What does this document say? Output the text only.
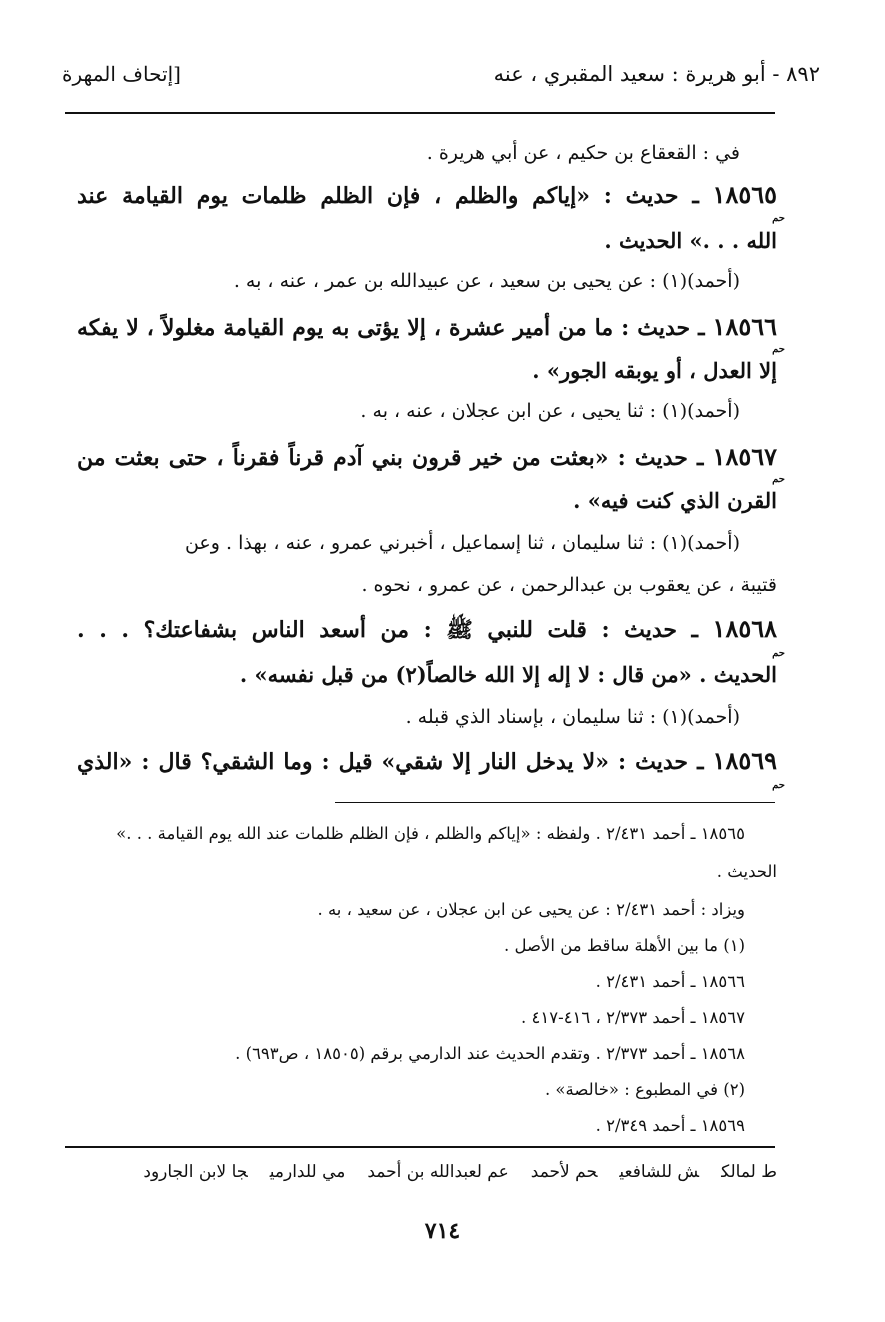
٨٩٢ - أبو هريرة : سعيد المقبري ، عنه
[إتحاف المهرة
في : القعقاع بن حكيم ، عن أبي هريرة .
١٨٥٦٥ ـ حديث : «إياكم والظلم ، فإن الظلم ظلمات يوم القيامة عند
حم
الله . . .» الحديث .
(أحمد)(١) : عن يحيى بن سعيد ، عن عبيدالله بن عمر ، عنه ، به .
١٨٥٦٦ ـ حديث : ما من أمير عشرة ، إلا يؤتى به يوم القيامة مغلولاً ، لا يفكه
حم
إلا العدل ، أو يوبقه الجور» .
(أحمد)(١) : ثنا يحيى ، عن ابن عجلان ، عنه ، به .
١٨٥٦٧ ـ حديث : «بعثت من خير قرون بني آدم قرناً فقرناً ، حتى بعثت من
حم
القرن الذي كنت فيه» .
(أحمد)(١) : ثنا سليمان ، ثنا إسماعيل ، أخبرني عمرو ، عنه ، بهذا . وعن
قتيبة ، عن يعقوب بن عبدالرحمن ، عن عمرو ، نحوه .
١٨٥٦٨ ـ حديث : قلت للنبي ﷺ : من أسعد الناس بشفاعتك؟ . . .
حم
الحديث . «من قال : لا إله إلا الله خالصاً(٢) من قبل نفسه» .
(أحمد)(١) : ثنا سليمان ، بإسناد الذي قبله .
١٨٥٦٩ ـ حديث : «لا يدخل النار إلا شقي» قيل : وما الشقي؟ قال : «الذي
حم
١٨٥٦٥ ـ أحمد ٢/٤٣١ . ولفظه : «إياكم والظلم ، فإن الظلم ظلمات عند الله يوم القيامة . . .»
الحديث .
ويزاد : أحمد ٢/٤٣١ : عن يحيى عن ابن عجلان ، عن سعيد ، به .
(١) ما بين الأهلة ساقط من الأصل .
١٨٥٦٦ ـ أحمد ٢/٤٣١ .
١٨٥٦٧ ـ أحمد ٢/٣٧٣ ، ٤١٦-٤١٧ .
١٨٥٦٨ ـ أحمد ٢/٣٧٣ . وتقدم الحديث عند الدارمي برقم (١٨٥٠٥ ، ص٦٩٣) .
(٢) في المطبوع : «خالصة» .
١٨٥٦٩ ـ أحمد ٢/٣٤٩ .
ط لمالكش للشافعيحم لأحمدعم لعبدالله بن أحمدمي للدارميجا لابن الجارود
٧١٤
